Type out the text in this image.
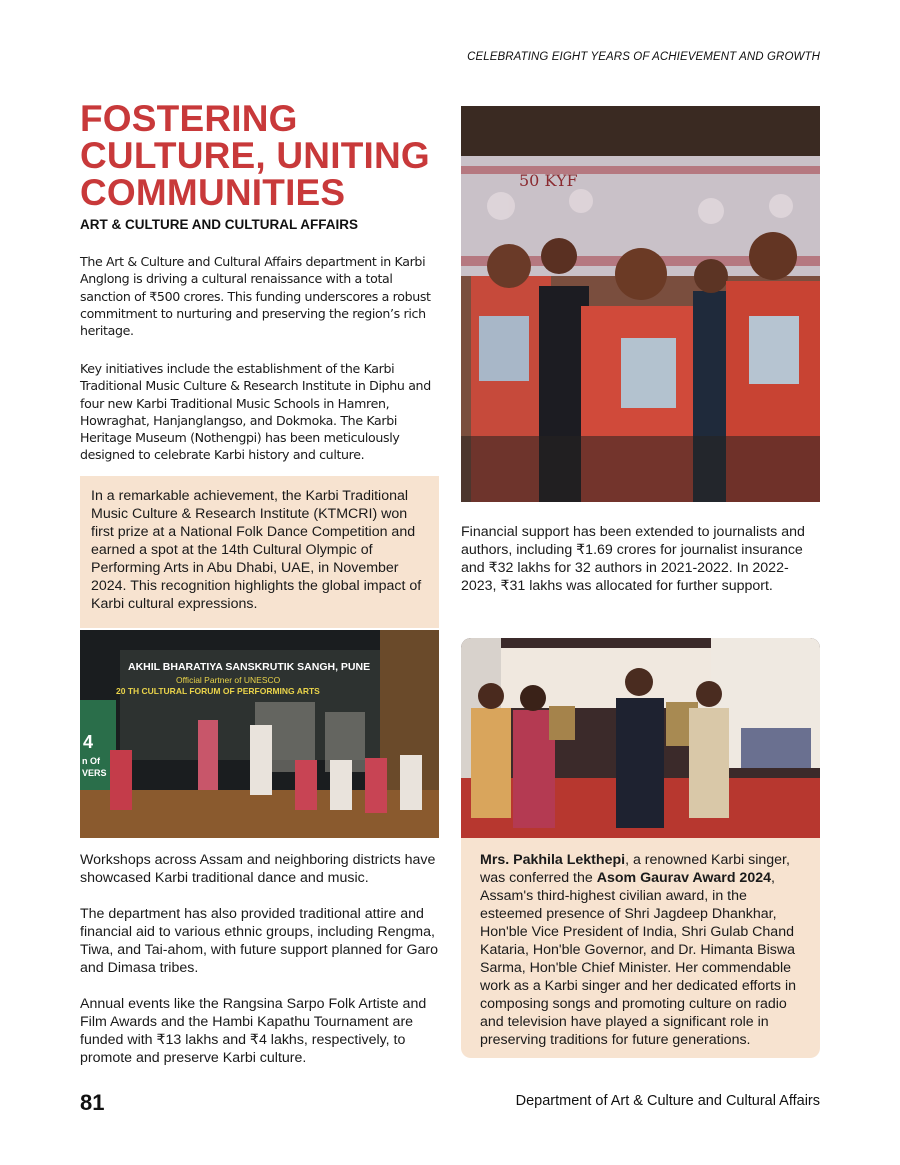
CELEBRATING EIGHT YEARS OF ACHIEVEMENT AND GROWTH
FOSTERING
CULTURE, UNITING
COMMUNITIES
ART & CULTURE AND CULTURAL AFFAIRS

The Art & Culture and Cultural Affairs department in Karbi Anglong is driving a cultural renaissance with a total sanction of ₹500 crores. This funding underscores a robust commitment to nurturing and preserving the region’s rich heritage.

Key initiatives include the establishment of the Karbi Traditional Music Culture & Research Institute in Diphu and four new Karbi Traditional Music Schools in Hamren, Howraghat, Hanjanglangso, and Dokmoka. The Karbi Heritage Museum (Nothengpi) has been meticulously designed to celebrate Karbi history and culture.

In a remarkable achievement, the Karbi Traditional Music Culture & Research Institute (KTMCRI) won first prize at a National Folk Dance Competition and earned a spot at the 14th Cultural Olympic of Performing Arts in Abu Dhabi, UAE, in November 2024. This recognition highlights the global impact of Karbi cultural expressions.

50 KYF

Financial support has been extended to journalists and authors, including ₹1.69 crores for journalist insurance and ₹32 lakhs for 32 authors in 2021-2022. In 2022-2023, ₹31 lakhs was allocated for further support.

AKHIL BHARATIYA SANSKRUTIK SANGH, PUNE
Official Partner of UNESCO
20 TH CULTURAL FORUM OF PERFORMING ARTS
4
n Of
VERS

Workshops across Assam and neighboring districts have showcased Karbi traditional dance and music.

The department has also provided traditional attire and financial aid to various ethnic groups, including Rengma, Tiwa, and Tai-ahom, with future support planned for Garo and Dimasa tribes.

Annual events like the Rangsina Sarpo Folk Artiste and Film Awards and the Hambi Kapathu Tournament are funded with ₹13 lakhs and ₹4 lakhs, respectively, to promote and preserve Karbi culture.

Mrs. Pakhila Lekthepi, a renowned Karbi singer, was conferred the Asom Gaurav Award 2024, Assam's third-highest civilian award, in the esteemed presence of Shri Jagdeep Dhankhar, Hon'ble Vice President of India, Shri Gulab Chand Kataria, Hon'ble Governor, and Dr. Himanta Biswa Sarma, Hon'ble Chief Minister. Her commendable work as a Karbi singer and her dedicated efforts in composing songs and promoting culture on radio and television have played a significant role in preserving traditions for future generations.
81	Department of Art & Culture and Cultural Affairs
